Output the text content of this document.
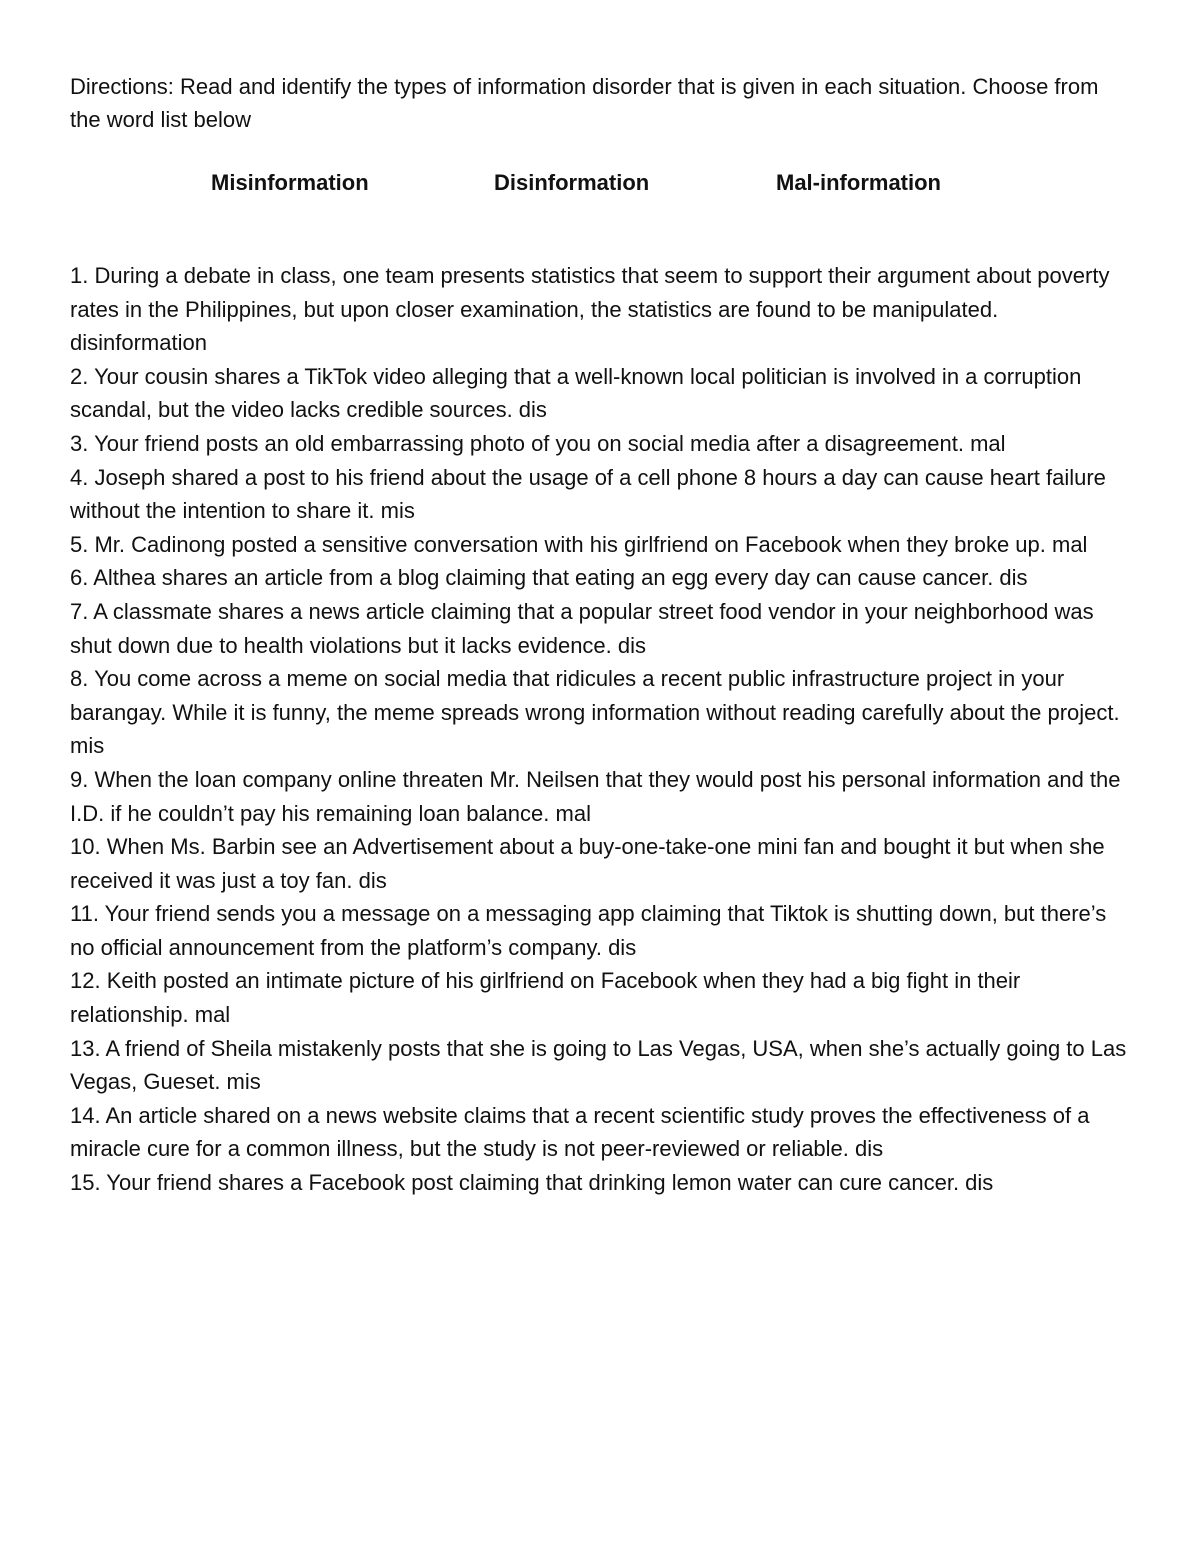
Directions: Read and identify the types of information disorder that is given in each situation. Choose from the word list below

Misinformation	Disinformation	Mal-information
1. During a debate in class, one team presents statistics that seem to support their argument about poverty rates in the Philippines, but upon closer examination, the statistics are found to be manipulated. disinformation
2. Your cousin shares a TikTok video alleging that a well-known local politician is involved in a corruption scandal, but the video lacks credible sources. dis
3. Your friend posts an old embarrassing photo of you on social media after a disagreement. mal
4. Joseph shared a post to his friend about the usage of a cell phone 8 hours a day can cause heart failure without the intention to share it. mis
5. Mr. Cadinong posted a sensitive conversation with his girlfriend on Facebook when they broke up. mal
6. Althea shares an article from a blog claiming that eating an egg every day can cause cancer. dis
7. A classmate shares a news article claiming that a popular street food vendor in your neighborhood was shut down due to health violations but it lacks evidence. dis
8. You come across a meme on social media that ridicules a recent public infrastructure project in your barangay. While it is funny, the meme spreads wrong information without reading carefully about the project. mis
9. When the loan company online threaten Mr. Neilsen that they would post his personal information and the I.D. if he couldn’t pay his remaining loan balance. mal
10. When Ms. Barbin see an Advertisement about a buy-one-take-one mini fan and bought it but when she received it was just a toy fan. dis
11. Your friend sends you a message on a messaging app claiming that Tiktok is shutting down, but there’s no official announcement from the platform’s company. dis
12. Keith posted an intimate picture of his girlfriend on Facebook when they had a big fight in their relationship. mal
13. A friend of Sheila mistakenly posts that she is going to Las Vegas, USA, when she’s actually going to Las Vegas, Gueset. mis
14. An article shared on a news website claims that a recent scientific study proves the effectiveness of a miracle cure for a common illness, but the study is not peer-reviewed or reliable. dis
15. Your friend shares a Facebook post claiming that drinking lemon water can cure cancer. dis
